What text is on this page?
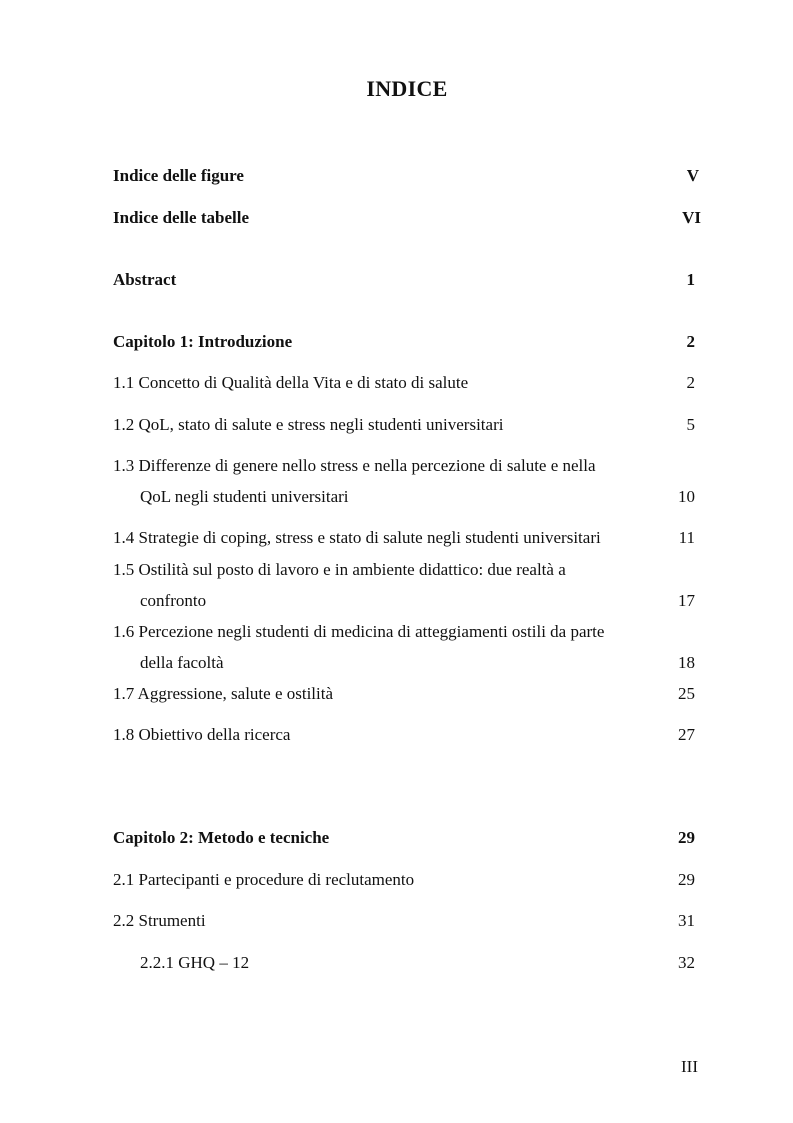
INDICE
Indice delle figure	V
Indice delle tabelle	VI
Abstract	1
Capitolo 1: Introduzione	2
1.1 Concetto di Qualità della Vita e di stato di salute	2
1.2 QoL, stato di salute e stress negli studenti universitari	5
1.3 Differenze di genere nello stress e nella percezione di salute e nella
QoL negli studenti universitari	10
1.4 Strategie di coping, stress e stato di salute negli studenti universitari	11
1.5 Ostilità sul posto di lavoro e in ambiente didattico: due realtà a
confronto	17
1.6 Percezione negli studenti di medicina di atteggiamenti ostili da parte
della facoltà	18
1.7 Aggressione, salute e ostilità	25
1.8 Obiettivo della ricerca	27
Capitolo 2: Metodo e tecniche	29
2.1 Partecipanti e procedure di reclutamento	29
2.2 Strumenti	31
2.2.1 GHQ – 12	32
III
